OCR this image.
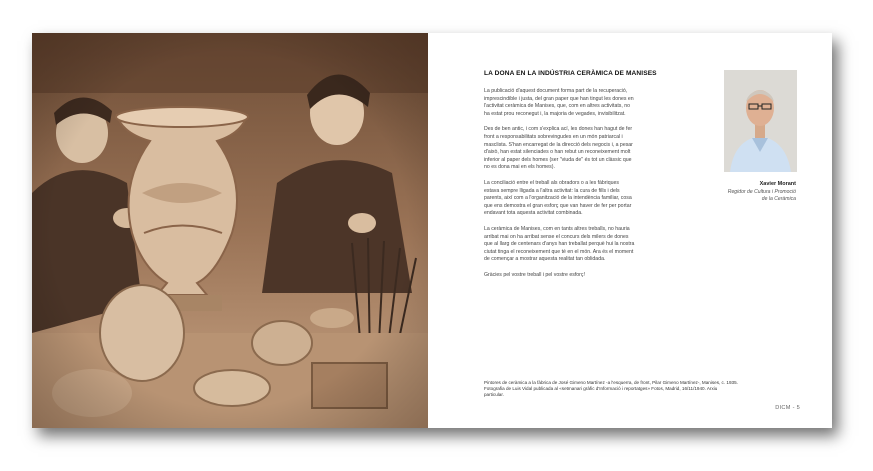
LA DONA EN LA INDÚSTRIA CERÀMICA DE MANISES

La publicació d'aquest document forma part de la recuperació, imprescindible i justa, del gran paper que han tingut les dones en l'activitat ceràmica de Manises, que, com en altres activitats, no ha estat prou reconegut i, la majoria de vegades, invisibilitzat.

Des de ben antic, i com s'explica ací, les dones han hagut de fer front a responsabilitats sobrevingudes en un món patriarcal i masclista. S'han encarregat de la direcció dels negocis i, a pesar d'això, han estat silenciades o han rebut un reconeixement molt inferior al paper dels homes (ser "viuda de" és tot un clàssic que no es dona mai en els homes).

La conciliació entre el treball als obradors o a les fàbriques estava sempre lligada a l'altra activitat: la cura de fills i dels parents, així com a l'organització de la intendència familiar, cosa que ens demostra el gran esforç que van haver de fer per portar endavant tota aquesta activitat combinada.

La ceràmica de Manises, com en tants altres treballs, no hauria arribat mai on ha arribat sense el concurs dels milers de dones que al llarg de centenars d'anys han treballat perquè hui la nostra ciutat tinga el reconeixement que té en el món. Ara és el moment de començar a mostrar aquesta realitat tan oblidada.

Gràcies pel vostre treball i pel vostre esforç!

Xavier Morant
Regidor de Cultura i Promoció
de la Ceràmica
Pintores de ceràmica a la fàbrica de José Gimeno Martínez -a l'esquerra, de front, Pilar Gimeno Martínez-, Manises, c. 1935. Fotografia de Luis Vidal publicada al «setmanari gràfic d'Informació i reportatges» Fotos, Madrid, 16/11/1940. Arxiu particular.
DICM - 5
